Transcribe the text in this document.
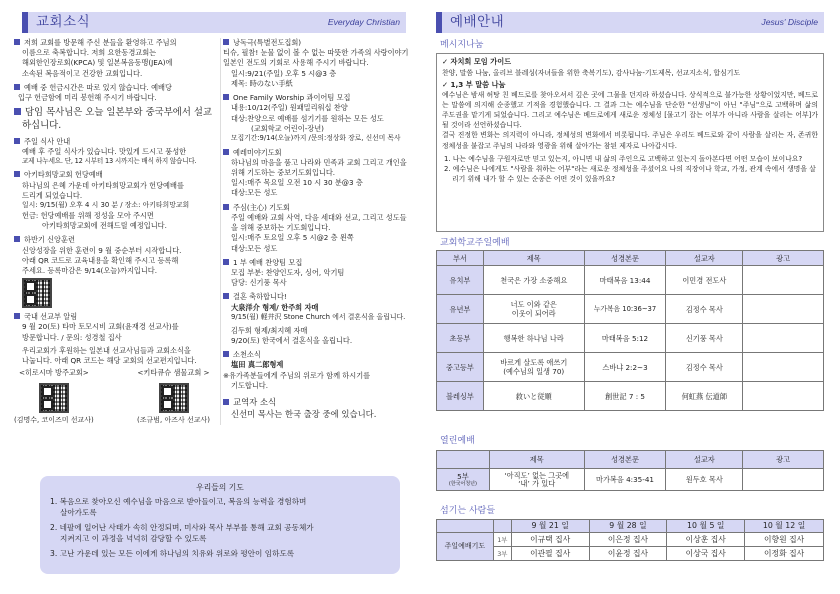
교회소식	Everyday Christian
저희 교회를 방문해 주신 분들을 환영하고 주님의
이름으로 축복합니다. 저희 요한동경교회는
해외한인장로회(KPCA) 및 일본복음동맹(JEA)에
소속된 복음적이고 건강한 교회입니다.
예배 중 헌금시간은 따로 있지 않습니다. 예배당
입구 헌금함에 미리 봉헌해 주시기 바랍니다.
담임 목사님은 오늘 일본부와 중국부에서 설교
하십니다.
주일 식사 안내
예배 후 주일 식사가 있습니다. 맛있게 드시고 풍성한
교제 나누세요. 단, 12 시부터 13 시까지는 배식 하지 않습니다.
아키타희망교회 헌당예배
하나님의 은혜 가운데 아키타희망교회가 헌당예배를
드리게 되었습니다.
일시: 9/15(월) 오후 4 시 30 분 / 장소: 아키타희망교회
헌금: 헌당예배를 위해 정성을 모아 주시면
아키타희망교회에 전해드릴 예정입니다.
하반기 신앙훈련
신앙성장을 위한 훈련이 9 월 중순부터 시작합니다.
아래 QR 코드로 교육내용을 확인해 주시고 등록해
주세요. 등록마감은 9/14(오늘)까지입니다.
국내 선교부 알림
9 월 20(토) 타마 토모시비 교회(윤재경 선교사)를
방문합니다. / 문의: 성경철 집사
우리교회가 후원하는 일본내 선교사님들과 교회소식을
나눕니다. 아래 QR 코드는 해당 교회의 선교편지입니다.
<히로시마 방주교회>
(김명수, 코이즈미 선교사)
<키타큐슈 샘물교회 >
(조규범, 아즈사 선교사)
낭독극(특별전도집회)
티슈, 필참! 눈물 없이 볼 수 없는 따뜻한 가족의 사랑이야기
일본인 전도의 기회로 사용해 주시기 바랍니다.
일시:9/21(주일) 오후 5 시@3 층
제목: 時のない手紙
One Family Worship 콰이어팀 모집
내용:10/12(주일) 원패밀리워십 찬양
대상:찬양으로 예배를 섬기기를 원하는 모든 성도
(교회학교 어린이-장년)
모집기간:9/14(오늘)까지 /문의:정상화 장로, 신선미 목사
예레미야기도회
하나님의 마음을 품고 나라와 민족과 교회 그리고 개인을
위해 기도하는 중보기도회입니다.
일시:매주 목요일 오전 10 시 30 분@3 층
대상:모든 성도
주심(主心) 기도회
주일 예배와 교회 사역, 다음 세대와 선교, 그리고 성도들
을 위해 중보하는 기도회입니다.
일시:매주 토요일 오후 5 시@2 층 왼쪽
대상:모든 성도
1 부 예배 찬양팀 모집
모집 부분: 찬양인도자, 싱어, 악기팀
담당: 신기풍 목사
결혼 축하합니다!
大泉洋介 형제/ 한주희 자매
9/15(월) 軽井沢 Stone Church 에서 결혼식을 올립니다.
김두희 형제/최지혜 자매
9/20(토) 한국에서 결혼식을 올립니다.
소천소식
塩田 真二郎형제
※유가족분들에게 주님의 위로가 함께 하시기를
기도합니다.
교역자 소식
신선미 목사는 한국 출장 중에 있습니다.
우리들의 기도
1. 복음으로 찾아오신 예수님을 마음으로 받아들이고, 복음의 능력을 경험하며
살아가도록
2. 네팔에 일어난 사태가 속히 안정되며, 미사와 목사 부부를 통해 교회 공동체가
지켜지고 이 과정을 넉넉히 감당할 수 있도록
3. 고난 가운데 있는 모든 이에게 하나님의 치유와 위로와 평안이 임하도록
예배안내	Jesus' Disciple
메시지나눔
✓ 자치회 모임 가이드
찬양, 말씀 나눔, 올리브 블레싱(자녀들을 위한 축복기도), 감사나눔-기도제목, 선교지소식, 합심기도
✓ 1,3 부 말씀 나눔
예수님은 밤새 허탕 친 베드로를 찾아오셔서 깊은 곳에 그물을 던지라 하셨습니다. 상식적으로 불가능한 상황이었지만, 베드로는 말씀에 의지해 순종했고 기적을 경험했습니다. 그 결과 그는 예수님을 단순한 "선생님"이 아닌 "주님"으로 고백하며 삶의 주도권을 맡기게 되었습니다. 그리고 예수님은 베드로에게 새로운 정체성 [물고기 잡는 어부가 아니라 사람을 살리는 어부]가 될 것이라 선언하셨습니다.
결국 진정한 변화는 의지력이 아니라, 정체성의 변화에서 비롯됩니다. 주님은 우리도 베드로와 같이 사람을 살리는 자, 존귀한 정체성을 붙잡고 주님의 나라와 영광을 위해 살아가는 참된 제자로 나아갑시다.
1. 나는 예수님을 구원자로만 믿고 있는지, 아니면 내 삶의 주인으로 고백하고 있는지 돌아본다면 어떤 모습이 보이나요?
2. 예수님은 나에게도 "사람을 취하는 어부"라는 새로운 정체성을 주셨어요 나의 직장이나 학교, 가정, 관계 속에서 생명을 살리기 위해 내가 할 수 있는 순종은 어떤 것이 있을까요?
교회학교주일예배
부서	제목	성경본문	설교자	광고
유치부	천국은 가장 소중해요	마태복음 13:44	이민경 전도사	
유년부	너도 이와 같은
이웃이 되어라	누가복음 10:36~37	김정수 목사	
초등부	행복한 하나님 나라	마태복음 5:12	신기풍 목사	
중고등부	바르게 살도록 애쓰기
(예수님의 일생 70)	스바냐 2:2~3	김정수 목사	
블레싱부	救いと従順	創世記 7 : 5	何虹燕 伝道師	
열린예배
	제목	성경본문	설교자	광고

5부
(한국어청년)	‘아직도’ 없는 그곳에
‘내’ 가 있다	마가복음 4:35-41	원두호 목사	
섬기는 사람들
		9 월 21 일	9 월 28 일	10 월 5 일	10 월 12 일
주일예배기도	1부	이규택 집사	이은정 집사	이상훈 집사	이향원 집사
	3부	이관필 집사	이윤정 집사	이상국 집사	이정화 집사
